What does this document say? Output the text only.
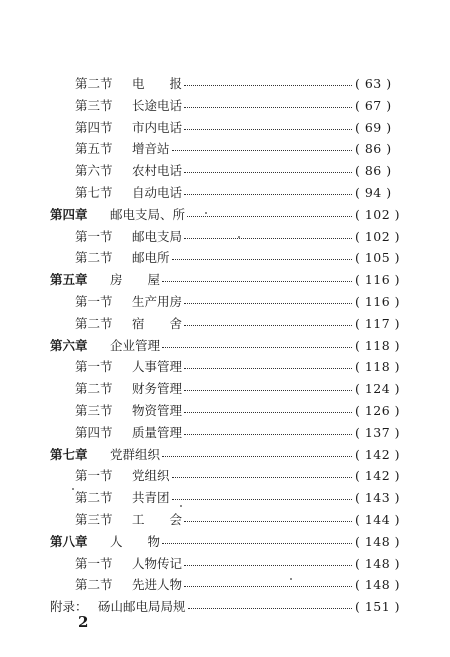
第二节 电　　报	( 63 )
第三节 长途电话	( 67 )
第四节 市内电话	( 69 )
第五节 增音站	( 86 )
第六节 农村电话	( 86 )
第七节 自动电话	( 94 )
第四章 邮电支局、所	( 102 )
第一节 邮电支局	( 102 )
第二节 邮电所	( 105 )
第五章 房　　屋	( 116 )
第一节 生产用房	( 116 )
第二节 宿　　舍	( 117 )
第六章 企业管理	( 118 )
第一节 人事管理	( 118 )
第二节 财务管理	( 124 )
第三节 物资管理	( 126 )
第四节 质量管理	( 137 )
第七章 党群组织	( 142 )
第一节 党组织	( 142 )
第二节 共青团	( 143 )
第三节 工　　会	( 144 )
第八章 人　　物	( 148 )
第一节 人物传记	( 148 )
第二节 先进人物	( 148 )
附录： 砀山邮电局局规	( 151 )
2
